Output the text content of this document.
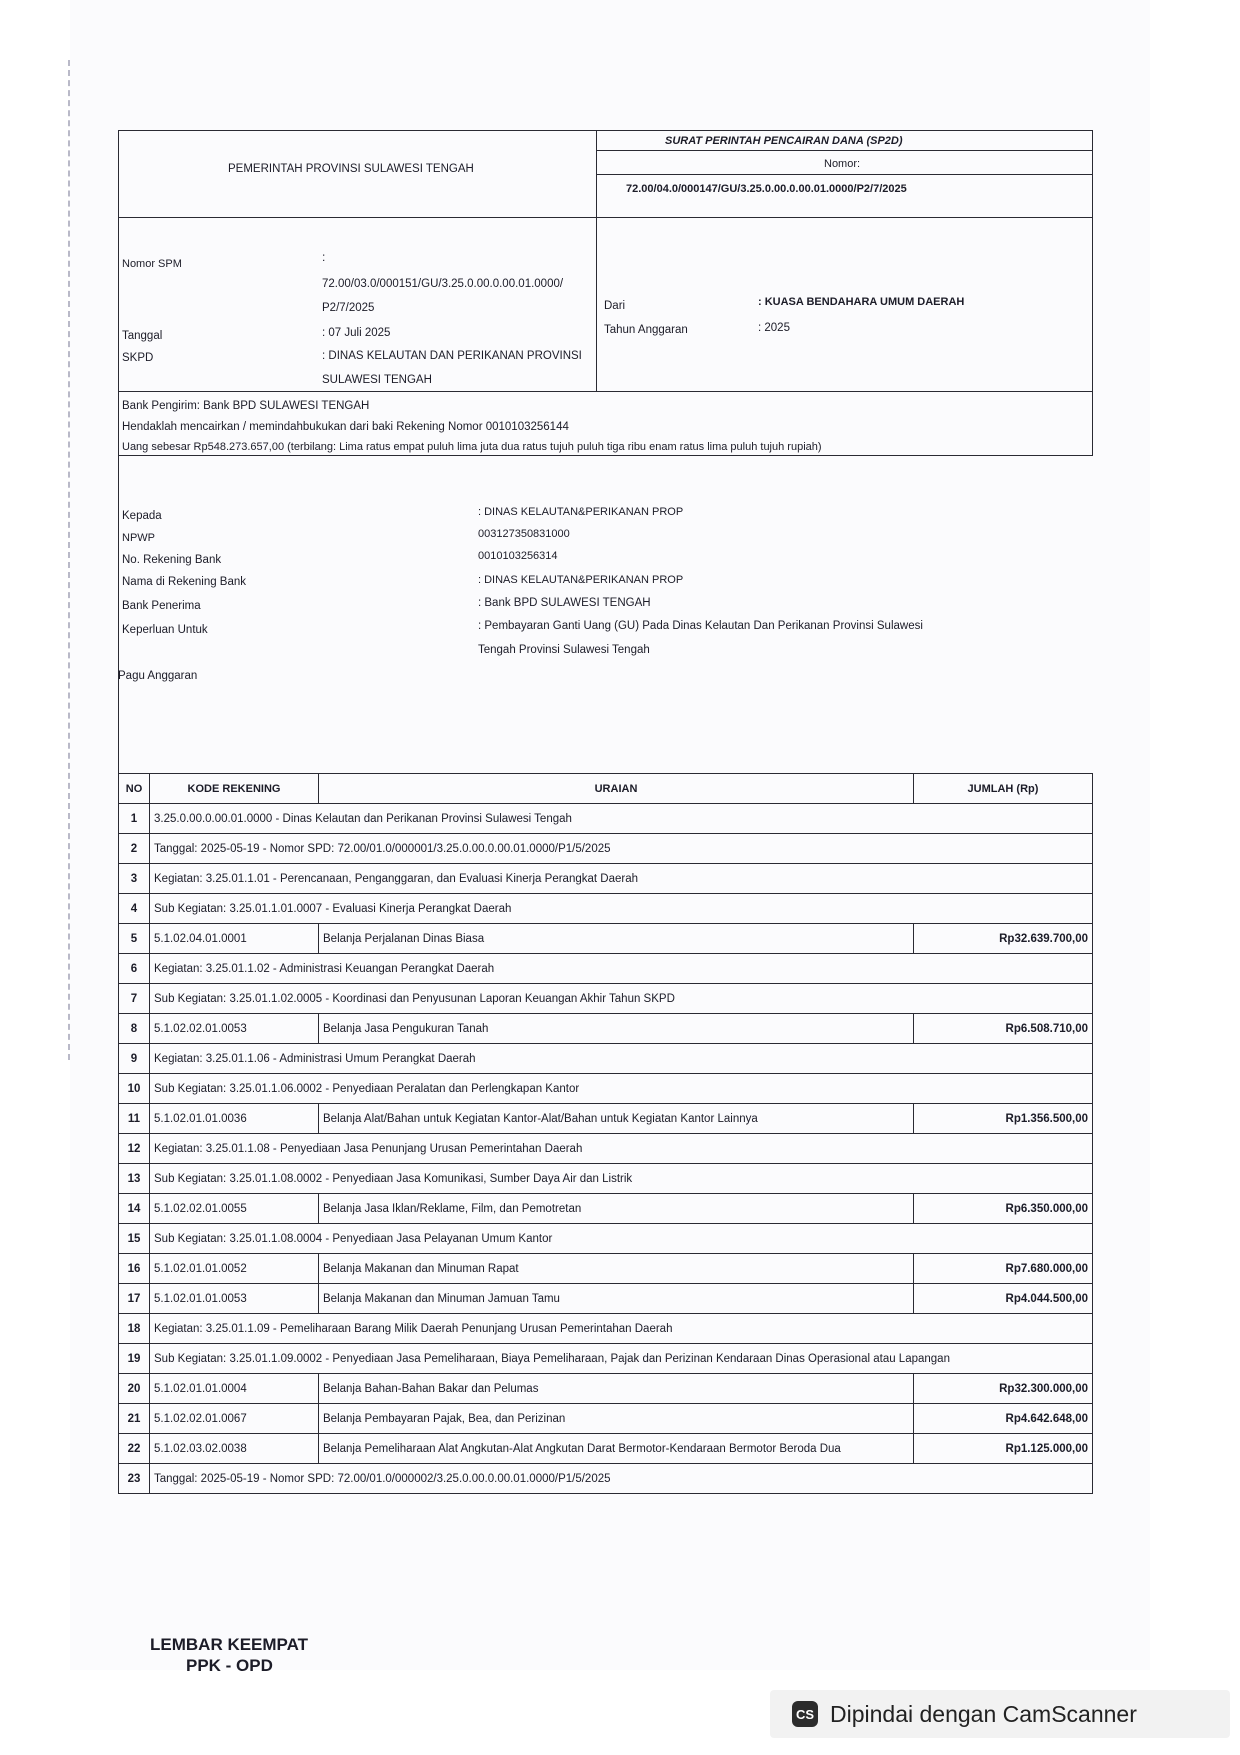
PEMERINTAH PROVINSI SULAWESI TENGAH
SURAT PERINTAH PENCAIRAN DANA (SP2D)
Nomor:
72.00/04.0/000147/GU/3.25.0.00.0.00.01.0000/P2/7/2025
Nomor SPM	:
72.00/03.0/000151/GU/3.25.0.00.0.00.01.0000/
P2/7/2025
Tanggal	: 07 Juli 2025
SKPD	: DINAS KELAUTAN DAN PERIKANAN PROVINSI
SULAWESI TENGAH
Dari	: KUASA BENDAHARA UMUM DAERAH
Tahun Anggaran	: 2025
Bank Pengirim: Bank BPD SULAWESI TENGAH
Hendaklah mencairkan / memindahbukukan dari baki Rekening Nomor 0010103256144
Uang sebesar Rp548.273.657,00 (terbilang: Lima ratus empat puluh lima juta dua ratus tujuh puluh tiga ribu enam ratus lima puluh tujuh rupiah)
Kepada	: DINAS KELAUTAN&PERIKANAN PROP
NPWP	003127350831000
No. Rekening Bank	0010103256314
Nama di Rekening Bank	: DINAS KELAUTAN&PERIKANAN PROP
Bank Penerima	: Bank BPD SULAWESI TENGAH
Keperluan Untuk	: Pembayaran Ganti Uang (GU) Pada Dinas Kelautan Dan Perikanan Provinsi Sulawesi
Tengah Provinsi Sulawesi Tengah
Pagu Anggaran
NO	KODE REKENING	URAIAN	JUMLAH (Rp)
1	3.25.0.00.0.00.01.0000 - Dinas Kelautan dan Perikanan Provinsi Sulawesi Tengah		
2	Tanggal: 2025-05-19 - Nomor SPD: 72.00/01.0/000001/3.25.0.00.0.00.01.0000/P1/5/2025		
3	Kegiatan: 3.25.01.1.01 - Perencanaan, Penganggaran, dan Evaluasi Kinerja Perangkat Daerah		
4	Sub Kegiatan: 3.25.01.1.01.0007 - Evaluasi Kinerja Perangkat Daerah		
5	5.1.02.04.01.0001	Belanja Perjalanan Dinas Biasa	Rp32.639.700,00
6	Kegiatan: 3.25.01.1.02 - Administrasi Keuangan Perangkat Daerah		
7	Sub Kegiatan: 3.25.01.1.02.0005 - Koordinasi dan Penyusunan Laporan Keuangan Akhir Tahun SKPD		
8	5.1.02.02.01.0053	Belanja Jasa Pengukuran Tanah	Rp6.508.710,00
9	Kegiatan: 3.25.01.1.06 - Administrasi Umum Perangkat Daerah		
10	Sub Kegiatan: 3.25.01.1.06.0002 - Penyediaan Peralatan dan Perlengkapan Kantor		
11	5.1.02.01.01.0036	Belanja Alat/Bahan untuk Kegiatan Kantor-Alat/Bahan untuk Kegiatan Kantor Lainnya	Rp1.356.500,00
12	Kegiatan: 3.25.01.1.08 - Penyediaan Jasa Penunjang Urusan Pemerintahan Daerah		
13	Sub Kegiatan: 3.25.01.1.08.0002 - Penyediaan Jasa Komunikasi, Sumber Daya Air dan Listrik		
14	5.1.02.02.01.0055	Belanja Jasa Iklan/Reklame, Film, dan Pemotretan	Rp6.350.000,00
15	Sub Kegiatan: 3.25.01.1.08.0004 - Penyediaan Jasa Pelayanan Umum Kantor		
16	5.1.02.01.01.0052	Belanja Makanan dan Minuman Rapat	Rp7.680.000,00
17	5.1.02.01.01.0053	Belanja Makanan dan Minuman Jamuan Tamu	Rp4.044.500,00
18	Kegiatan: 3.25.01.1.09 - Pemeliharaan Barang Milik Daerah Penunjang Urusan Pemerintahan Daerah		
19	Sub Kegiatan: 3.25.01.1.09.0002 - Penyediaan Jasa Pemeliharaan, Biaya Pemeliharaan, Pajak dan Perizinan Kendaraan Dinas Operasional atau Lapangan		
20	5.1.02.01.01.0004	Belanja Bahan-Bahan Bakar dan Pelumas	Rp32.300.000,00
21	5.1.02.02.01.0067	Belanja Pembayaran Pajak, Bea, dan Perizinan	Rp4.642.648,00
22	5.1.02.03.02.0038	Belanja Pemeliharaan Alat Angkutan-Alat Angkutan Darat Bermotor-Kendaraan Bermotor Beroda Dua	Rp1.125.000,00
23	Tanggal: 2025-05-19 - Nomor SPD: 72.00/01.0/000002/3.25.0.00.0.00.01.0000/P1/5/2025		
LEMBAR KEEMPAT
PPK - OPD
CS Dipindai dengan CamScanner
